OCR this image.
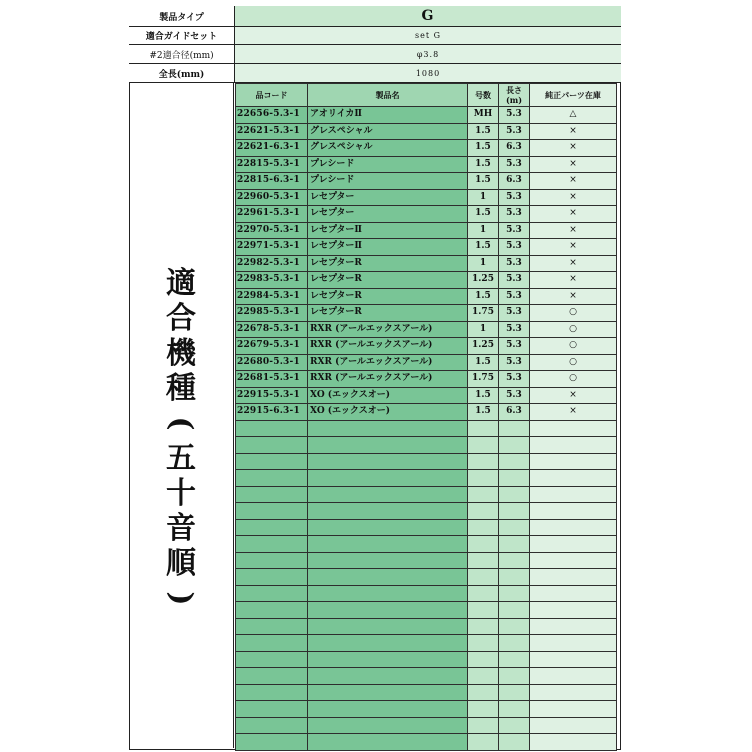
製品タイプ	G
適合ガイドセット	set G
#2適合径(mm)	φ3.8
全長(mm)	1080
適
合
機
種
(
五
十
音
順
)
品コード	製品名	号数	長さ(m)	純正パーツ在庫
22656-5.3-1	アオリイカⅡ	MH	5.3	△
22621-5.3-1	グレスペシャル	1.5	5.3	×
22621-6.3-1	グレスペシャル	1.5	6.3	×
22815-5.3-1	プレシード	1.5	5.3	×
22815-6.3-1	プレシード	1.5	6.3	×
22960-5.3-1	レセプター	1	5.3	×
22961-5.3-1	レセプター	1.5	5.3	×
22970-5.3-1	レセプターⅡ	1	5.3	×
22971-5.3-1	レセプターⅡ	1.5	5.3	×
22982-5.3-1	レセプターR	1	5.3	×
22983-5.3-1	レセプターR	1.25	5.3	×
22984-5.3-1	レセプターR	1.5	5.3	×
22985-5.3-1	レセプターR	1.75	5.3	○
22678-5.3-1	RXR (アールエックスアール)	1	5.3	○
22679-5.3-1	RXR (アールエックスアール)	1.25	5.3	○
22680-5.3-1	RXR (アールエックスアール)	1.5	5.3	○
22681-5.3-1	RXR (アールエックスアール)	1.75	5.3	○
22915-5.3-1	XO (エックスオー)	1.5	5.3	×
22915-6.3-1	XO (エックスオー)	1.5	6.3	×
